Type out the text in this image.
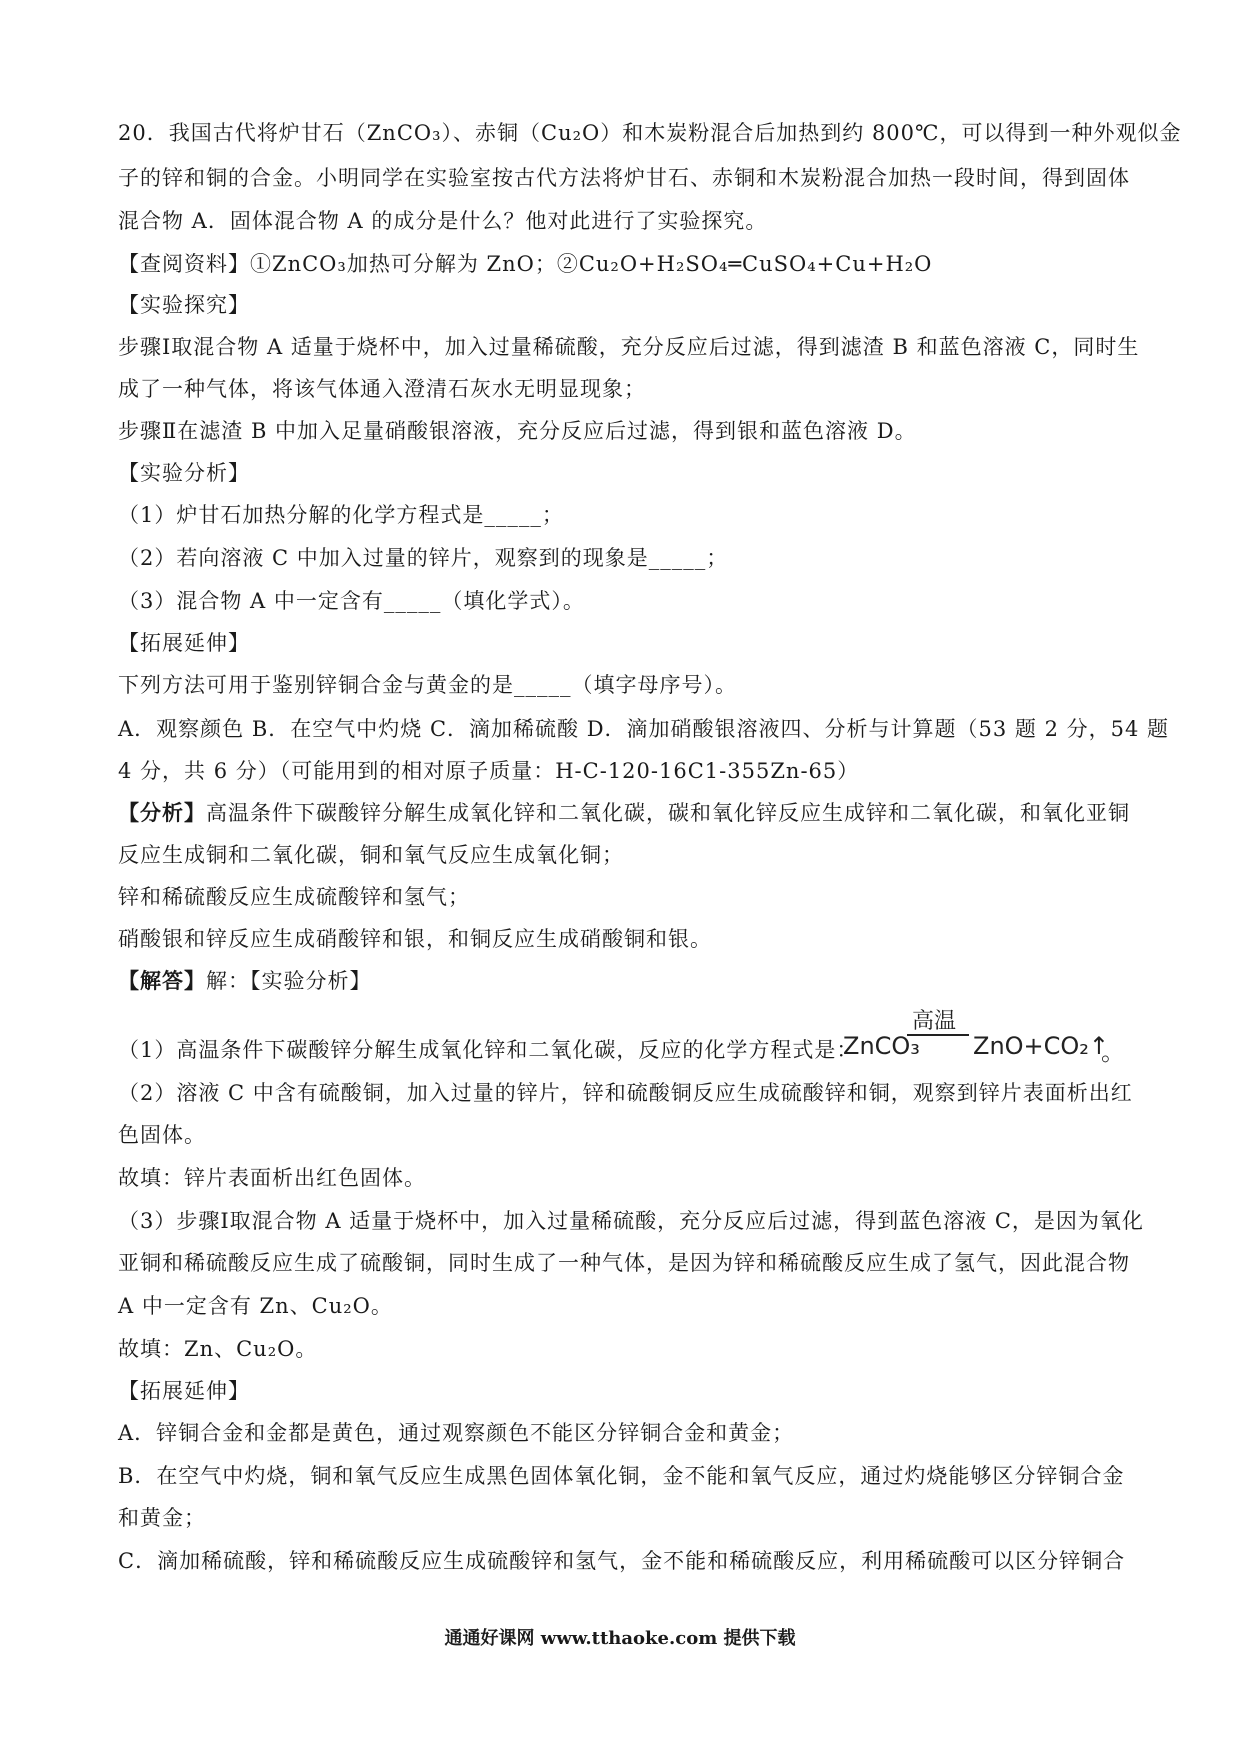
20．我国古代将炉甘石（ZnCO₃）、赤铜（Cu₂O）和木炭粉混合后加热到约 800℃，可以得到一种外观似金
子的锌和铜的合金。小明同学在实验室按古代方法将炉甘石、赤铜和木炭粉混合加热一段时间，得到固体
混合物 A．固体混合物 A 的成分是什么？他对此进行了实验探究。
【查阅资料】①ZnCO₃加热可分解为 ZnO；②Cu₂O+H₂SO₄═CuSO₄+Cu+H₂O
【实验探究】
步骤Ⅰ取混合物 A 适量于烧杯中，加入过量稀硫酸，充分反应后过滤，得到滤渣 B 和蓝色溶液 C，同时生
成了一种气体，将该气体通入澄清石灰水无明显现象；
步骤Ⅱ在滤渣 B 中加入足量硝酸银溶液，充分反应后过滤，得到银和蓝色溶液 D。
【实验分析】
（1）炉甘石加热分解的化学方程式是_____；
（2）若向溶液 C 中加入过量的锌片，观察到的现象是_____；
（3）混合物 A 中一定含有_____（填化学式）。
【拓展延伸】
下列方法可用于鉴别锌铜合金与黄金的是_____（填字母序号）。
A．观察颜色 B．在空气中灼烧 C．滴加稀硫酸 D．滴加硝酸银溶液四、分析与计算题（53 题 2 分，54 题
4 分，共 6 分）（可能用到的相对原子质量：H-C-120-16C1-355Zn-65）
【分析】高温条件下碳酸锌分解生成氧化锌和二氧化碳，碳和氧化锌反应生成锌和二氧化碳，和氧化亚铜
反应生成铜和二氧化碳，铜和氧气反应生成氧化铜；
锌和稀硫酸反应生成硫酸锌和氢气；
硝酸银和锌反应生成硝酸锌和银，和铜反应生成硝酸铜和银。
【解答】解：【实验分析】
（1）高温条件下碳酸锌分解生成氧化锌和二氧化碳，反应的化学方程式是：
（2）溶液 C 中含有硫酸铜，加入过量的锌片，锌和硫酸铜反应生成硫酸锌和铜，观察到锌片表面析出红
色固体。
故填：锌片表面析出红色固体。
（3）步骤Ⅰ取混合物 A 适量于烧杯中，加入过量稀硫酸，充分反应后过滤，得到蓝色溶液 C，是因为氧化
亚铜和稀硫酸反应生成了硫酸铜，同时生成了一种气体，是因为锌和稀硫酸反应生成了氢气，因此混合物
A 中一定含有 Zn、Cu₂O。
故填：Zn、Cu₂O。
【拓展延伸】
A．锌铜合金和金都是黄色，通过观察颜色不能区分锌铜合金和黄金；
B．在空气中灼烧，铜和氧气反应生成黑色固体氧化铜，金不能和氧气反应，通过灼烧能够区分锌铜合金
和黄金；
C．滴加稀硫酸，锌和稀硫酸反应生成硫酸锌和氢气，金不能和稀硫酸反应，利用稀硫酸可以区分锌铜合
ZnCO₃
高温
ZnO+CO₂↑
。
通通好课网 www.tthaoke.com 提供下载
